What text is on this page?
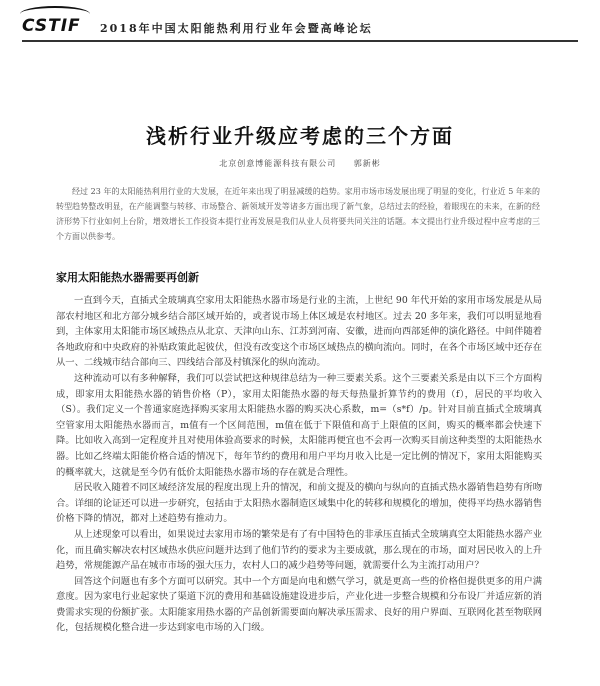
CSTIF 2018年中国太阳能热利用行业年会暨高峰论坛
浅析行业升级应考虑的三个方面
北京创意博能源科技有限公司 郭新彬

经过 23 年的太阳能热利用行业的大发展，在近年来出现了明显减缓的趋势。家用市场市场发展出现了明显的变化，行业近 5 年来的转型趋势整改明显，在产能调整与转移、市场整合、新领域开发等诸多方面出现了新气象，总结过去的经验，着眼现在的未来，在新的经济形势下行业如何上台阶，增效增长工作投资本提行业再发展是我们从业人员将要共同关注的话题。本文提出行业升级过程中应考虑的三个方面以供参考。

家用太阳能热水器需要再创新

一直到今天，直插式全玻璃真空家用太阳能热水器市场是行业的主流，上世纪 90 年代开始的家用市场发展是从局部农村地区和北方部分城乡结合部区域开始的，或者说市场上体区域是农村地区。过去 20 多年来，我们可以明显地看到，主体家用太阳能市场区域热点从北京、天津向山东、江苏到河南、安徽，进而向西部延伸的演化路径。中间伴随着各地政府和中央政府的补贴政策此起彼伏，但没有改变这个市场区域热点的横向流向。同时，在各个市场区域中还存在从一、二线城市结合部向三、四线结合部及村镇深化的纵向流动。

这种流动可以有多种解释，我们可以尝试把这种规律总结为一种三要素关系。这个三要素关系是由以下三个方面构成，即家用太阳能热水器的销售价格（P），家用太阳能热水器的每天每热量折算节约的费用（f），居民的平均收入（S）。我们定义一个普通家庭选择购买家用太阳能热水器的购买决心系数，m=（s*f）/p。针对目前直插式全玻璃真空管家用太阳能热水器而言，m值有一个区间范围，m值在低于下限值和高于上限值的区间，购买的概率都会快速下降。比如收入高到一定程度并且对使用体验高要求的时候，太阳能再便宜也不会再一次购买目前这种类型的太阳能热水器。比如乙终端太阳能价格合适的情况下，每年节约的费用和用户平均月收入比是一定比例的情况下，家用太阳能购买的概率就大，这就是至今仍有低价太阳能热水器市场的存在就是合理性。

居民收入随着不同区域经济发展的程度出现上升的情况，和前文提及的横向与纵向的直插式热水器销售趋势有所吻合。详细的论证还可以进一步研究，包括由于太阳热水器制造区域集中化的转移和规模化的增加，使得平均热水器销售价格下降的情况，都对上述趋势有推动力。

从上述现象可以看出，如果说过去家用市场的繁荣是有了有中国特色的非承压直插式全玻璃真空太阳能热水器产业化，而且确实解决农村区域热水供应问题并达到了他们节约的要求为主要成就，那么现在的市场，面对居民收入的上升趋势，常规能源产品在城市市场的强大压力，农村人口的减少趋势等问题，就需要什么为主流打动用户？

回答这个问题也有多个方面可以研究。其中一个方面是向电和燃气学习，就是更高一些的价格但提供更多的用户满意度。因为家电行业起家快了渠道下沉的费用和基础设施建设进步后，产业化进一步整合规模和分布设厂并适应新的消费需求实现的份额扩张。太阳能家用热水器的产品创新需要面向解决承压需求、良好的用户界面、互联网化甚至物联网化，包括规模化整合进一步达到家电市场的入门级。
